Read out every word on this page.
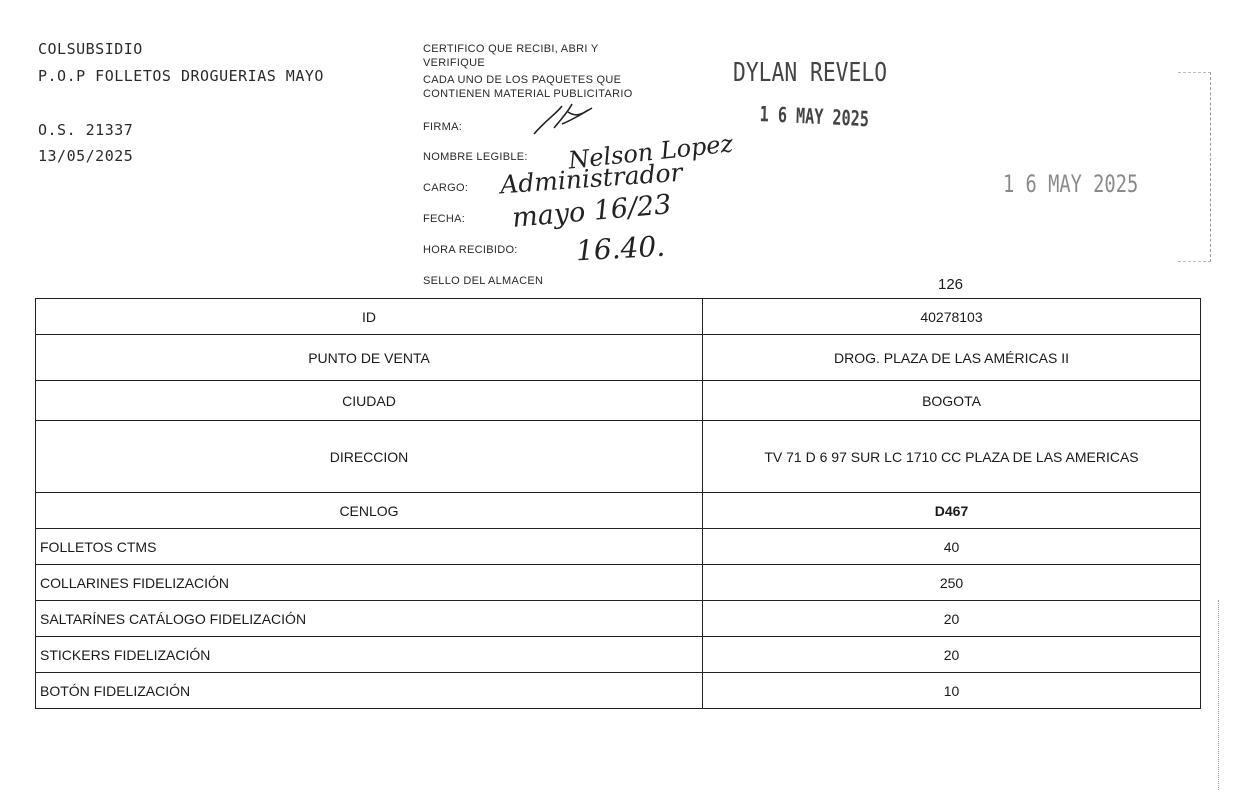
COLSUBSIDIO
P.O.P FOLLETOS DROGUERIAS MAYO
O.S. 21337
13/05/2025
CERTIFICO QUE RECIBI, ABRI Y
VERIFIQUE
CADA UNO DE LOS PAQUETES QUE
CONTIENEN MATERIAL PUBLICITARIO
FIRMA:
NOMBRE LEGIBLE: Nelson Lopez
CARGO: Administrador
FECHA: mayo 16/23
HORA RECIBIDO: 16.40.
SELLO DEL ALMACEN
DYLAN REVELO
1 6 MAY 2025
1 6 MAY 2025
126
ID	40278103
PUNTO DE VENTA	DROG. PLAZA DE LAS AMÉRICAS II
CIUDAD	BOGOTA
DIRECCION	TV 71 D 6 97 SUR LC 1710 CC PLAZA DE LAS AMERICAS
CENLOG	D467
FOLLETOS CTMS	40
COLLARINES FIDELIZACIÓN	250
SALTARÍNES CATÁLOGO FIDELIZACIÓN	20
STICKERS FIDELIZACIÓN	20
BOTÓN FIDELIZACIÓN	10
